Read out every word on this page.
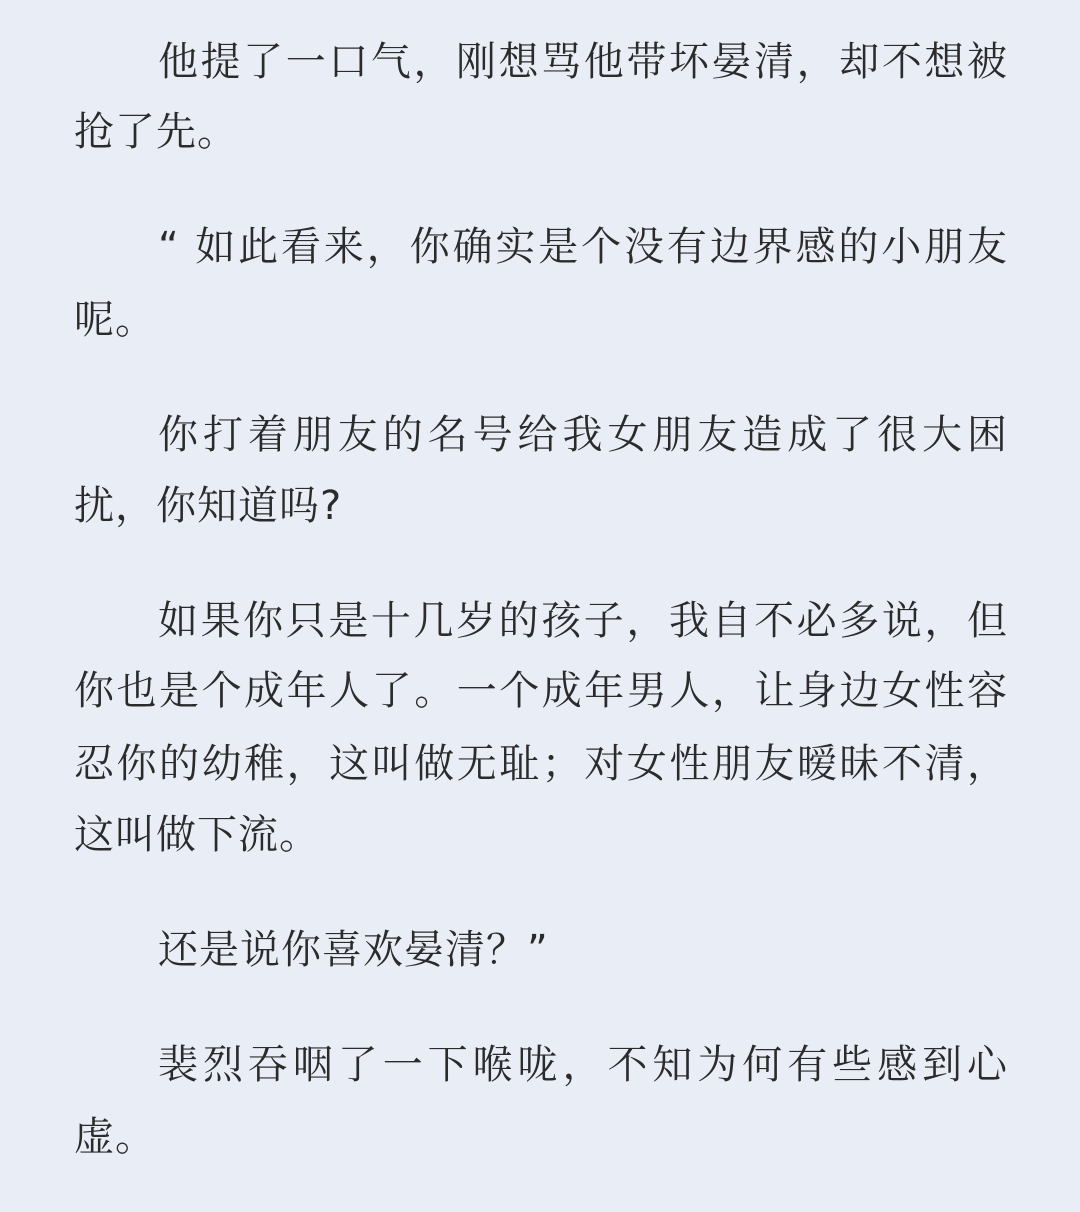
他提了一口气，刚想骂他带坏晏清，却不想被
抢了先。
“ 如此看来，你确实是个没有边界感的小朋友
呢。
你打着朋友的名号给我女朋友造成了很大困
扰，你知道吗?
如果你只是十几岁的孩子，我自不必多说，但
你也是个成年人了。一个成年男人，让身边女性容
忍你的幼稚，这叫做无耻；对女性朋友暧昧不清，
这叫做下流。
还是说你喜欢晏清？”
裴烈吞咽了一下喉咙，不知为何有些感到心
虚。
